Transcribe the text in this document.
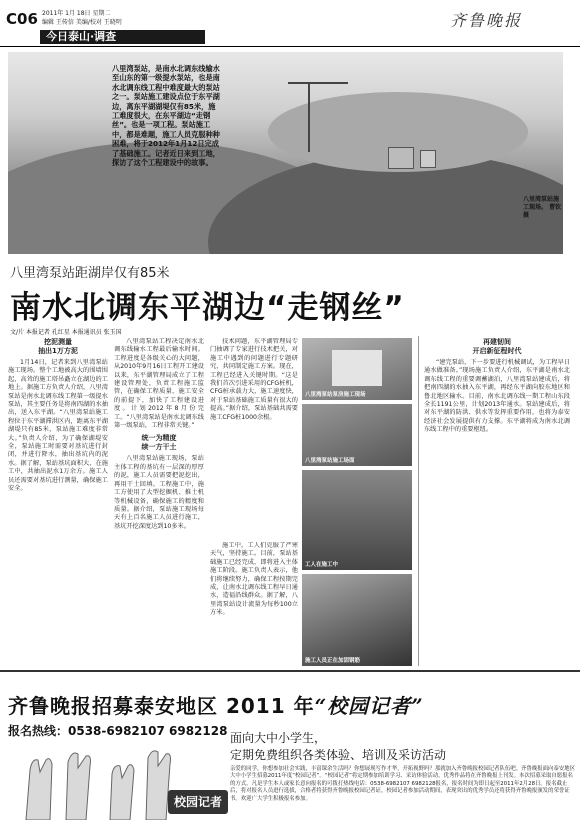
C06 2011年 1月 18日 星期二
编辑 王传信 美编/校对 王晓明
今日泰山·调查
齐鲁晚报
八里湾泵站，是南水北调东线输水至山东的第一级提水泵站，也是南水北调东线工程中难度最大的泵站之一。泵站施工建设点位于东平湖边，离东平湖湖堤仅有85米，施工难度很大，在东平湖边“走钢丝”。也是一项工程。泵站施工中，都是难题，施工人员克服种种困难，将于2012年1月12日完成了基础施工。记者近日来到工地，探访了这个工程建设中的故事。
八里湾泵站施工现场。 曹钦 摄
八里湾泵站距湖岸仅有85米
南水北调东平湖边“走钢丝”
文/片 本报记者 孔红星 本报通讯员 张玉国
挖泥测量
抽出1万方泥

1月14日，记者来到八里湾泵站施工现场。整个工地被高大的围墙围起，高耸的施工塔吊矗立在湖边的工地上。据施工方负责人介绍，八里湾泵站是南水北调东线工程第一级提水泵站，其主要任务是将南四湖的水抽出，送入东平湖。“八里湾泵站施工程位于东平湖滞洪区内，距离东平湖湖堤只有85米，泵站施工难度非常大。”负责人介绍，为了确保湖堤安全，泵站施工时需要对基坑进行封闭，并进行降水，抽出基坑内的泥水。据了解，泵站基坑面积大，在施工中，共抽出泥水1万余方。施工人员还需要对基坑进行测量，确保施工安全。

八里湾泵站工程决定南水北调东线输水工程最后输水时间。工程进度是各级关心的大问题，从2010年9月16日工程开工建设以来，东平湖管理局成立了工程建设管理处，负责工程施工监管，在确保工程质量、施工安全的前提下，加快了工程建设进度。计划2012年8月份完工。“八里湾泵站是南水北调东线第一级泵站，工程非常关键。”

统一为精度
续一方干土

八里湾泵站施工现场，泵站主体工程的基坑有一层深的厚厚的泥，施工人员需要把泥挖出，再用干土回填。工程施工中，施工方使用了大型挖掘机、推土机等机械设备，确保施工的精度和质量。据介绍，泵站施工现场每天有上百名施工人员进行施工，基坑开挖深度达到10多米。

技术问题，东平湖管理局专门抽调了专家进行技术把关，对施工中遇到的问题进行专题研究，共同制定施工方案。现在，工程已经进入关键时期。“这是我们首次引进采用的CFG桩机，CFG桩承载力大，施工速度快，对于泵站基础施工质量有很大的提高。”据介绍，泵站基础共需要施工CFG桩1000余根。

施工中，工人们克服了严寒天气，坚持施工。目前，泵站基础施工已经完成，即将进入主体施工阶段。施工负责人表示，他们将继续努力，确保工程按期完成，让南水北调东线工程早日通水，造福沿线群众。据了解，八里湾泵站设计流量为每秒100立方米。

八里湾泵站泵房施工现场
八里湾泵站施工场面
工人在施工中
施工人员正在加固钢筋
再建韧间
开启新征程时代

“建完泵站，下一步要进行机械调试，为工程早日通水做准备。”现场施工负责人介绍，东平湖是南水北调东线工程的重要调蓄湖泊，八里湾泵站建成后，将把南四湖的水抽入东平湖，再经东平湖向胶东地区和鲁北地区输水。目前，南水北调东线一期工程山东段全长1191公里，计划2013年通水。泵站建成后，将对东平湖的防洪、供水等发挥重要作用，也将为泰安经济社会发展提供有力支撑。东平湖将成为南水北调东线工程中的重要枢纽。

齐鲁晚报招募泰安地区 2011 年“校园记者”
报名热线：0538-6982107 6982128 面向大中小学生，
定期免费组织各类体验、培训及采访活动
亲爱的同学，你想参加社会实践，丰富课余生活吗？你想展现写作才华，开拓视野吗？那就加入齐鲁晚报校园记者队伍吧。齐鲁晚报面向泰安地区大中小学生招募2011年度“校园记者”。“校园记者”将定期参加培训学习、采访体验活动，优秀作品将在齐鲁晚报上刊发。本次招募采取自愿报名的方式，凡是学生本人或家长意向报名的可拨打热线电话：0538-6982107 6982128报名，报名时间为即日起至2011年2月28日。报名截止后，将对报名人员进行选拔，合格者将获得齐鲁晚报校园记者证。校园记者参加活动期间，表现突出的优秀学员还将获得齐鲁晚报颁发的荣誉证书。欢迎广大学生积极报名参加。
校园记者
